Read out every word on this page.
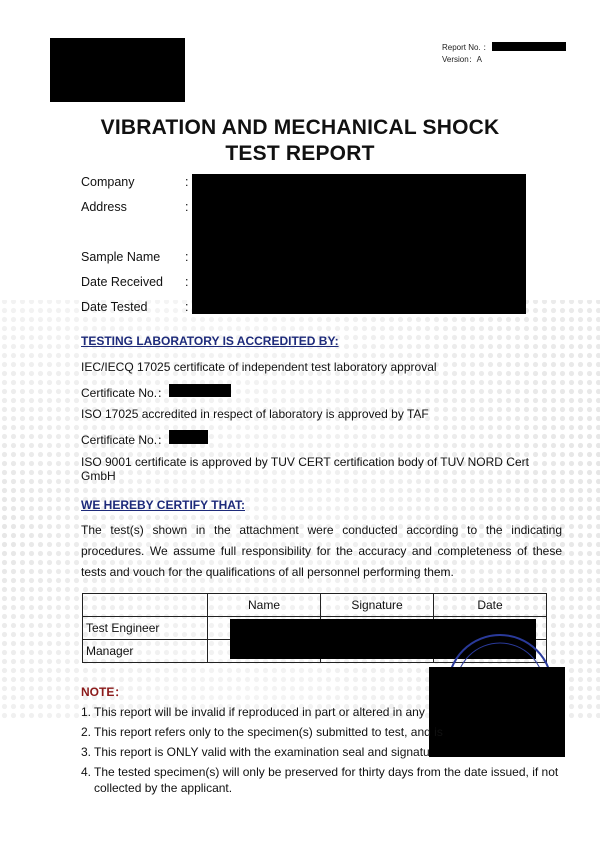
Report No. ：
Version：A
VIBRATION AND MECHANICAL SHOCK
TEST REPORT
Company	:
Address	:
Sample Name :
Date Received :
Date Tested	:
TESTING LABORATORY IS ACCREDITED BY:
IEC/IECQ 17025 certificate of independent test laboratory approval
Certificate No.：
ISO 17025 accredited in respect of laboratory is approved by TAF
Certificate No.：
ISO 9001 certificate is approved by TUV CERT certification body of TUV NORD Cert
GmbH
WE HEREBY CERTIFY THAT:
The test(s) shown in the attachment were conducted according to the indicating procedures. We assume full responsibility for the accuracy and completeness of these tests and vouch for the qualifications of all personnel performing them.
	Name	Signature	Date
Test Engineer			
Manager			
NOTE：
1. This report will be invalid if reproduced in part or altered in any
2. This report refers only to the specimen(s) submitted to test, and is
3. This report is ONLY valid with the examination seal and signatu
4. The tested specimen(s) will only be preserved for thirty days from the date issued, if not collected by the applicant.
